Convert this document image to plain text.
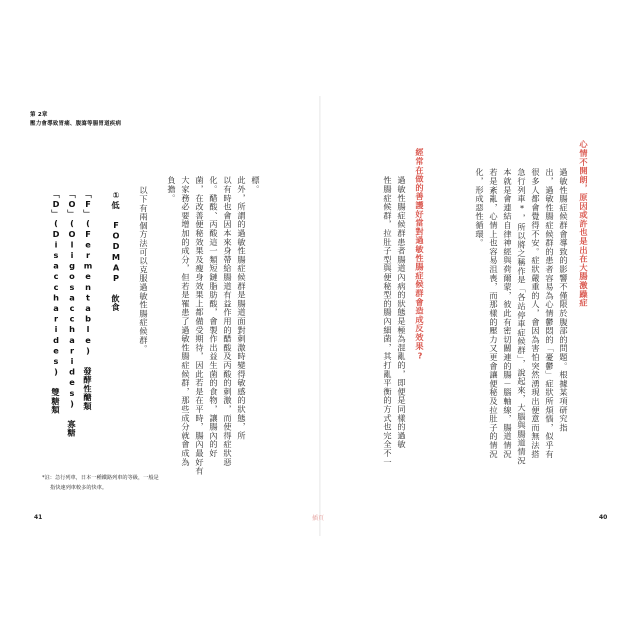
第 2章
壓力會導致胃痛、腹瀉等腸胃道疾病
標。
此外，所謂的過敏性腸症候群是腸道面對刺激時變得敏感的狀態，所
以有時也會因本來身帶給腸道有益作用的醋酸及丙酸的刺激，而使得症狀惡
化。醋酸、丙酸這一類短鏈脂肪酸，會製作出益生菌的食物，讓腸內的好
菌，在改善便秘效果及瘦身效果上都備受期待，因此若是在平時，腸內最好有
大家務必要增加的成分，但若是罹患了過敏性腸症候群，那些成分就會成為
負擔。
以下有兩個方法可以克服過敏性腸症候群。
①低 FODMAP 飲食
「F」(Fermentable) 發酵性醣類
「O」(Oligosaccharides) 寡糖
「D」(Disaccharides) 雙糖類
*註：急行列車，日本一種鐵路列車的等級，一般是
指快速列車較多的快車。
41
心情不開朗，原因或許也是出在大腸激躁症
過敏性腸症候群會導致的影響不僅限於腹部的問題。根據某項研究指
出，過敏性腸症候群的患者容易為心情鬱悶的「憂鬱」症狀所煩惱，似乎有
很多人都會覺得不安。症狀嚴重的人，會因為害怕突然湧現出便意而無法搭
急行列車*，所以將之稱作是「各站停車症候群」，說起來，大腦與腸道情況
本就是會連結自律神經與荷爾蒙，彼此有密切關連的腸－腦軸線，腸道情況
若是紊亂，心情上也容易沮喪，而那樣的壓力又更會讓便秘及拉肚子的情況
化，形成惡性循環。
經常在做的善護好當對過敏性腸症候群會造成反效果?
過敏性腸症候群患者腸道內病的狀態是極為混亂的，即便是同樣的過敏
性腸症候群，拉肚子型與便秘型的腸內細菌，其打亂平衡的方式也完全不一
40
插頁
